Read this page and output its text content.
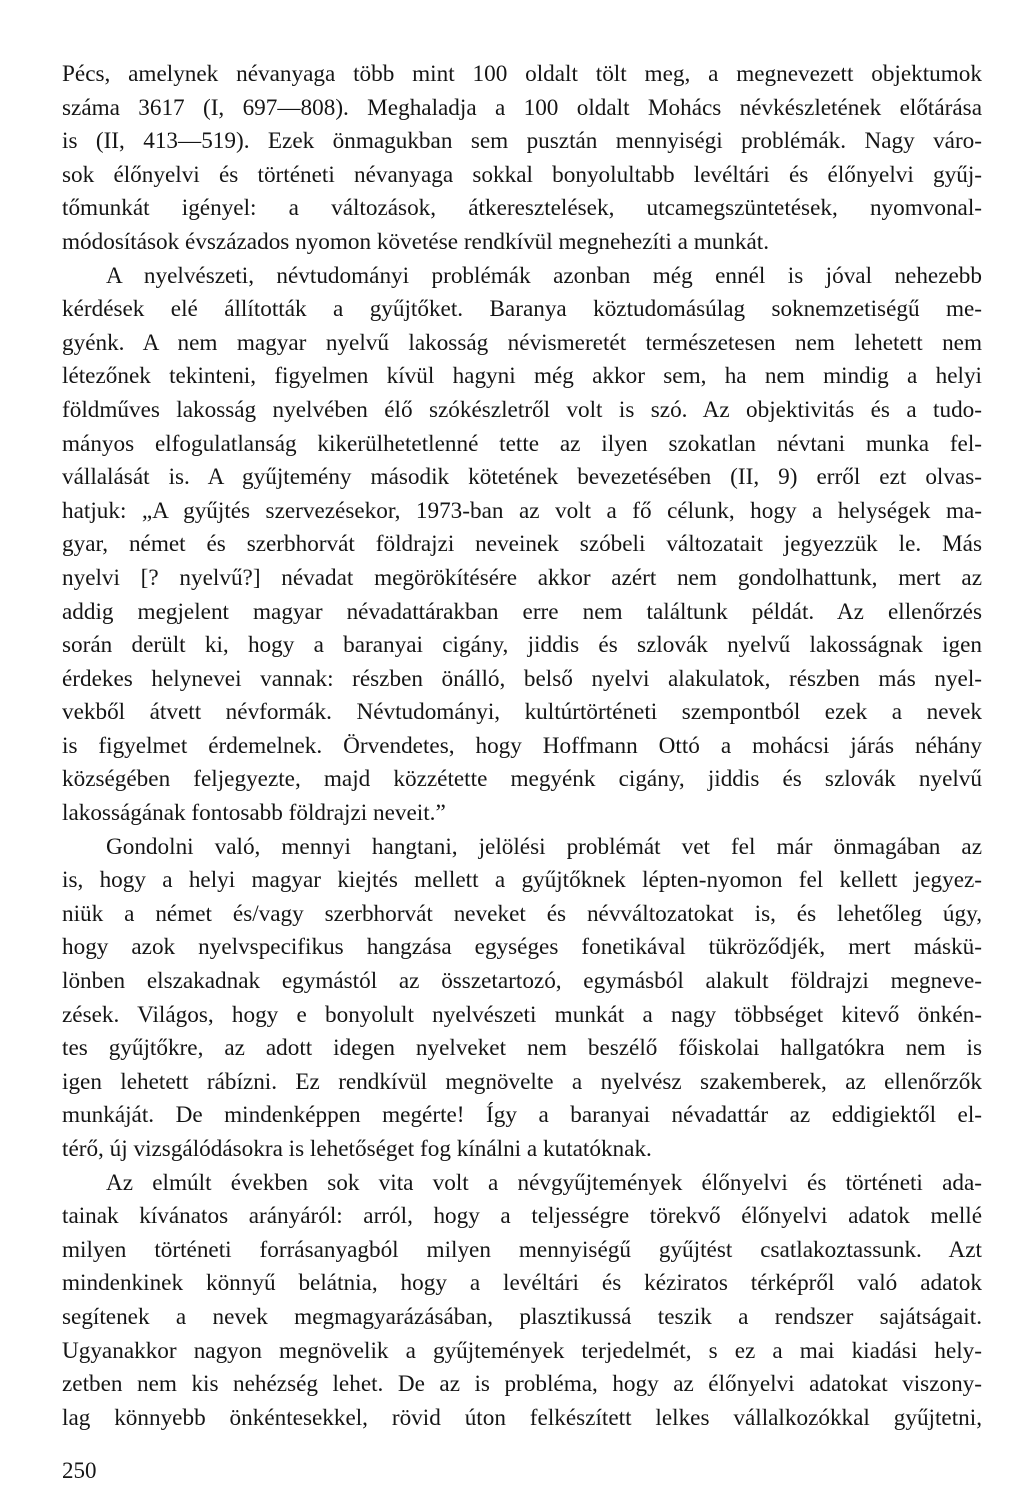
Pécs, amelynek névanyaga több mint 100 oldalt tölt meg, a megnevezett objektumok
száma 3617 (I, 697—808). Meghaladja a 100 oldalt Mohács névkészletének előtárása
is (II, 413—519). Ezek önmagukban sem pusztán mennyiségi problémák. Nagy váro-
sok élőnyelvi és történeti névanyaga sokkal bonyolultabb levéltári és élőnyelvi gyűj-
tőmunkát igényel: a változások, átkeresztelések, utcamegszüntetések, nyomvonal-
módosítások évszázados nyomon követése rendkívül megnehezíti a munkát.
A nyelvészeti, névtudományi problémák azonban még ennél is jóval nehezebb
kérdések elé állították a gyűjtőket. Baranya köztudomásúlag soknemzetiségű me-
gyénk. A nem magyar nyelvű lakosság névismeretét természetesen nem lehetett nem
létezőnek tekinteni, figyelmen kívül hagyni még akkor sem, ha nem mindig a helyi
földműves lakosság nyelvében élő szókészletről volt is szó. Az objektivitás és a tudo-
mányos elfogulatlanság kikerülhetetlenné tette az ilyen szokatlan névtani munka fel-
vállalását is. A gyűjtemény második kötetének bevezetésében (II, 9) erről ezt olvas-
hatjuk: „A gyűjtés szervezésekor, 1973-ban az volt a fő célunk, hogy a helységek ma-
gyar, német és szerbhorvát földrajzi neveinek szóbeli változatait jegyezzük le. Más
nyelvi [? nyelvű?] névadat megörökítésére akkor azért nem gondolhattunk, mert az
addig megjelent magyar névadattárakban erre nem találtunk példát. Az ellenőrzés
során derült ki, hogy a baranyai cigány, jiddis és szlovák nyelvű lakosságnak igen
érdekes helynevei vannak: részben önálló, belső nyelvi alakulatok, részben más nyel-
vekből átvett névformák. Névtudományi, kultúrtörténeti szempontból ezek a nevek
is figyelmet érdemelnek. Örvendetes, hogy Hoffmann Ottó a mohácsi járás néhány
községében feljegyezte, majd közzétette megyénk cigány, jiddis és szlovák nyelvű
lakosságának fontosabb földrajzi neveit.”
Gondolni való, mennyi hangtani, jelölési problémát vet fel már önmagában az
is, hogy a helyi magyar kiejtés mellett a gyűjtőknek lépten-nyomon fel kellett jegyez-
niük a német és/vagy szerbhorvát neveket és névváltozatokat is, és lehetőleg úgy,
hogy azok nyelvspecifikus hangzása egységes fonetikával tükröződjék, mert máskü-
lönben elszakadnak egymástól az összetartozó, egymásból alakult földrajzi megneve-
zések. Világos, hogy e bonyolult nyelvészeti munkát a nagy többséget kitevő önkén-
tes gyűjtőkre, az adott idegen nyelveket nem beszélő főiskolai hallgatókra nem is
igen lehetett rábízni. Ez rendkívül megnövelte a nyelvész szakemberek, az ellenőrzők
munkáját. De mindenképpen megérte! Így a baranyai névadattár az eddigiektől el-
térő, új vizsgálódásokra is lehetőséget fog kínálni a kutatóknak.
Az elmúlt években sok vita volt a névgyűjtemények élőnyelvi és történeti ada-
tainak kívánatos arányáról: arról, hogy a teljességre törekvő élőnyelvi adatok mellé
milyen történeti forrásanyagból milyen mennyiségű gyűjtést csatlakoztassunk. Azt
mindenkinek könnyű belátnia, hogy a levéltári és kéziratos térképről való adatok
segítenek a nevek megmagyarázásában, plasztikussá teszik a rendszer sajátságait.
Ugyanakkor nagyon megnövelik a gyűjtemények terjedelmét, s ez a mai kiadási hely-
zetben nem kis nehézség lehet. De az is probléma, hogy az élőnyelvi adatokat viszony-
lag könnyebb önkéntesekkel, rövid úton felkészített lelkes vállalkozókkal gyűjtetni,
250
